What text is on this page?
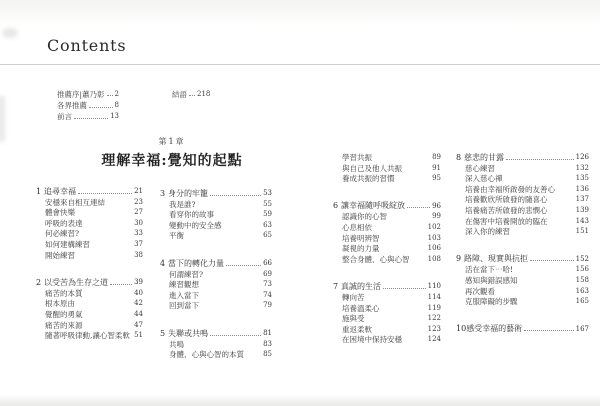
Contents
推薦序|蕭乃彰 2
各界推薦	8
前言	13
結語 218
第1章
理解幸福:覺知的起點
1 追尋幸福	21
安穩來自相互連結	23
體會快樂	27
呼吸的表達	30
何必練習?	33
如何建構練習	37
開始練習	38
2 以受苦為生存之道	39
痛苦的本質	40
根本原由	42
覺醒的勇氣	44
痛苦的來源	47
隨著呼吸律動,讓心智柔軟 51
3 身分的牢籠	53
我是誰?	55
看穿你的故事	59
變動中的安全感	63
平衡	65
4 當下的轉化力量	66
何謂練習?	69
練習觀想	73
進入當下	74
回到當下	79
5 失聯或共鳴	81
共鳴	83
身體、心與心智的本質	85
學習共振	89
與自己及他人共振	91
養成共振的習慣	95
6 讓幸福隨呼吸綻放	96
認識你的心智	99
心息相依	102
培養明辨智	103
凝視的力量	106
整合身體、心與心智	108
7 真誠的生活	110
轉向苦	114
培養溫柔心	119
施與受	122
重返柔軟	123
在困境中保持安穩	124
8 慈悲的甘露	126
慈心練習	132
深入慈心禪	135
培養由幸福所啟發的友善心	136
培養歡欣所啟發的隨喜心	137
培養痛苦所啟發的悲憫心	139
在傷害中培養開放的臨在	143
深入你的練習	151
9 路障、現實與抗拒	152
活在當下⋯哈!	156
感知與錯誤感知	158
再次觀看	163
克服障礙的步驟	165
10 感受幸福的藝術	167
